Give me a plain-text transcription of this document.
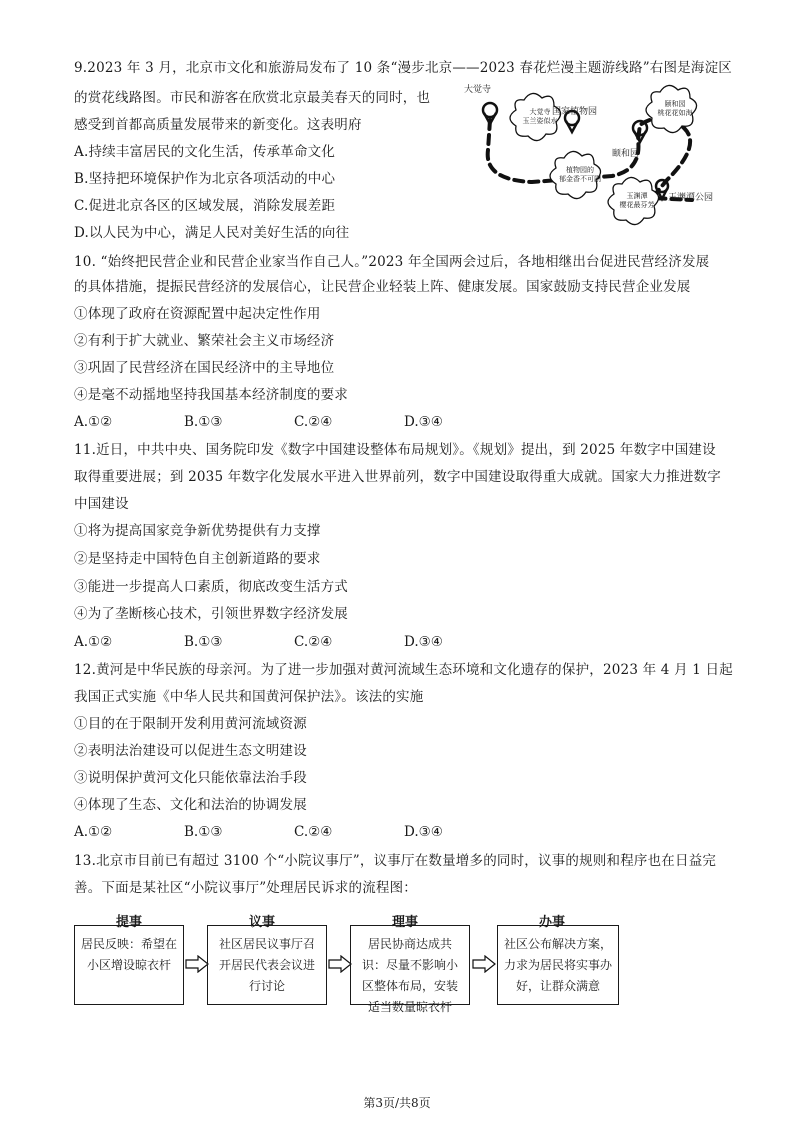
9.2023 年 3 月，北京市文化和旅游局发布了 10 条“漫步北京——2023 春花烂漫主题游线路”右图是海淀区
的赏花线路图。市民和游客在欣赏北京最美春天的同时，也
感受到首都高质量发展带来的新变化。这表明府
A.持续丰富居民的文化生活，传承革命文化
B.坚持把环境保护作为北京各项活动的中心
C.促进北京各区的区域发展，消除发展差距
D.以人民为中心，满足人民对美好生活的向往
大觉寺
国家植物园
颐和园
玉渊潭公园
大觉寺
玉兰姿似水
植物园的
郁金香不可剧
颐和园
桃花花如海
玉渊潭
樱花最芬芳
10. “始终把民营企业和民营企业家当作自己人。”2023 年全国两会过后，各地相继出台促进民营经济发展
的具体措施，提振民营经济的发展信心，让民营企业轻装上阵、健康发展。国家鼓励支持民营企业发展
①体现了政府在资源配置中起决定性作用
②有利于扩大就业、繁荣社会主义市场经济
③巩固了民营经济在国民经济中的主导地位
④是毫不动摇地坚持我国基本经济制度的要求
A.①②	B.①③	C.②④	D.③④
11.近日，中共中央、国务院印发《数字中国建设整体布局规划》。《规划》提出，到 2025 年数字中国建设
取得重要进展；到 2035 年数字化发展水平进入世界前列，数字中国建设取得重大成就。国家大力推进数字
中国建设
①将为提高国家竞争新优势提供有力支撑
②是坚持走中国特色自主创新道路的要求
③能进一步提高人口素质，彻底改变生活方式
④为了垄断核心技术，引领世界数字经济发展
A.①②	B.①③	C.②④	D.③④
12.黄河是中华民族的母亲河。为了进一步加强对黄河流域生态环境和文化遗存的保护，2023 年 4 月 1 日起
我国正式实施《中华人民共和国黄河保护法》。该法的实施
①目的在于限制开发利用黄河流域资源
②表明法治建设可以促进生态文明建设
③说明保护黄河文化只能依靠法治手段
④体现了生态、文化和法治的协调发展
A.①②	B.①③	C.②④	D.③④
13.北京市目前已有超过 3100 个“小院议事厅”，议事厅在数量增多的同时，议事的规则和程序也在日益完
善。下面是某社区“小院议事厅”处理居民诉求的流程图：
提事	议事	理事	办事
居民反映：希望在小区增设晾衣杆
社区居民议事厅召开居民代表会议进行讨论
居民协商达成共识：尽量不影响小区整体布局，安装适当数量晾衣杆
社区公布解决方案，力求为居民将实事办好，让群众满意
第3页/共8页
